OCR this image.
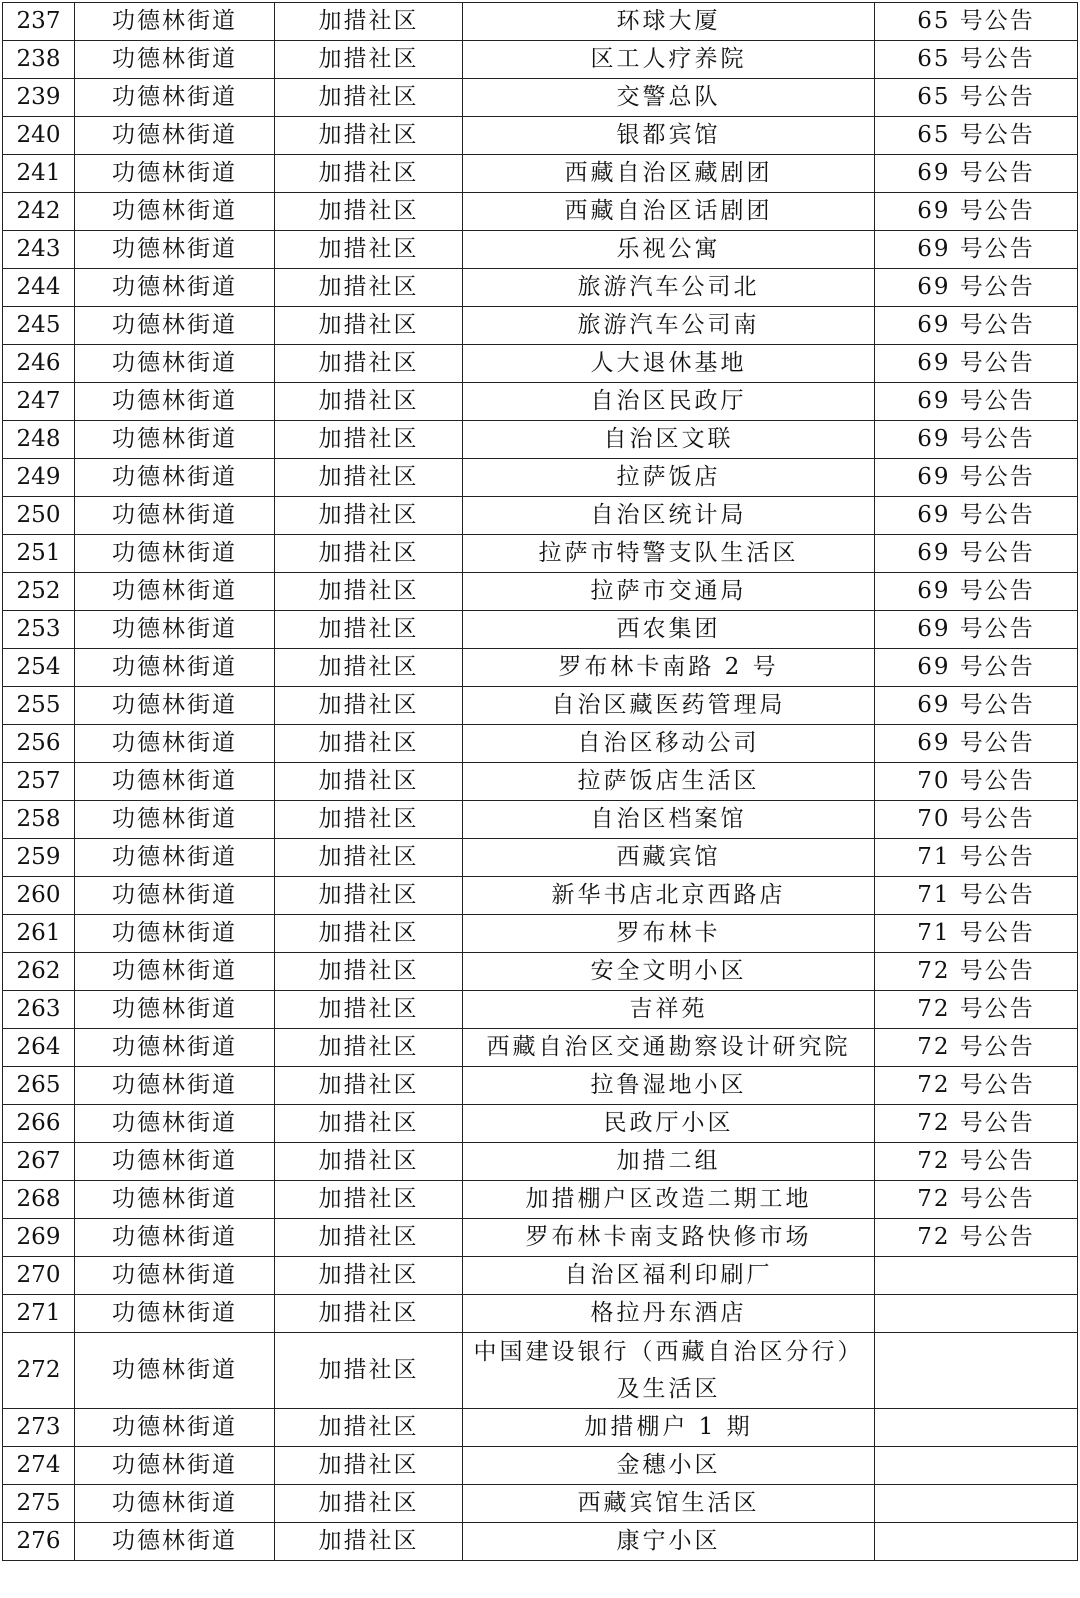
237	功德林街道	加措社区	环球大厦	65 号公告
238	功德林街道	加措社区	区工人疗养院	65 号公告
239	功德林街道	加措社区	交警总队	65 号公告
240	功德林街道	加措社区	银都宾馆	65 号公告
241	功德林街道	加措社区	西藏自治区藏剧团	69 号公告
242	功德林街道	加措社区	西藏自治区话剧团	69 号公告
243	功德林街道	加措社区	乐视公寓	69 号公告
244	功德林街道	加措社区	旅游汽车公司北	69 号公告
245	功德林街道	加措社区	旅游汽车公司南	69 号公告
246	功德林街道	加措社区	人大退休基地	69 号公告
247	功德林街道	加措社区	自治区民政厅	69 号公告
248	功德林街道	加措社区	自治区文联	69 号公告
249	功德林街道	加措社区	拉萨饭店	69 号公告
250	功德林街道	加措社区	自治区统计局	69 号公告
251	功德林街道	加措社区	拉萨市特警支队生活区	69 号公告
252	功德林街道	加措社区	拉萨市交通局	69 号公告
253	功德林街道	加措社区	西农集团	69 号公告
254	功德林街道	加措社区	罗布林卡南路 2 号	69 号公告
255	功德林街道	加措社区	自治区藏医药管理局	69 号公告
256	功德林街道	加措社区	自治区移动公司	69 号公告
257	功德林街道	加措社区	拉萨饭店生活区	70 号公告
258	功德林街道	加措社区	自治区档案馆	70 号公告
259	功德林街道	加措社区	西藏宾馆	71 号公告
260	功德林街道	加措社区	新华书店北京西路店	71 号公告
261	功德林街道	加措社区	罗布林卡	71 号公告
262	功德林街道	加措社区	安全文明小区	72 号公告
263	功德林街道	加措社区	吉祥苑	72 号公告
264	功德林街道	加措社区	西藏自治区交通勘察设计研究院	72 号公告
265	功德林街道	加措社区	拉鲁湿地小区	72 号公告
266	功德林街道	加措社区	民政厅小区	72 号公告
267	功德林街道	加措社区	加措二组	72 号公告
268	功德林街道	加措社区	加措棚户区改造二期工地	72 号公告
269	功德林街道	加措社区	罗布林卡南支路快修市场	72 号公告
270	功德林街道	加措社区	自治区福利印刷厂	
271	功德林街道	加措社区	格拉丹东酒店	
272	功德林街道	加措社区	中国建设银行（西藏自治区分行）
及生活区	

273	功德林街道	加措社区	加措棚户 1 期	
274	功德林街道	加措社区	金穗小区	
275	功德林街道	加措社区	西藏宾馆生活区	
276	功德林街道	加措社区	康宁小区	
